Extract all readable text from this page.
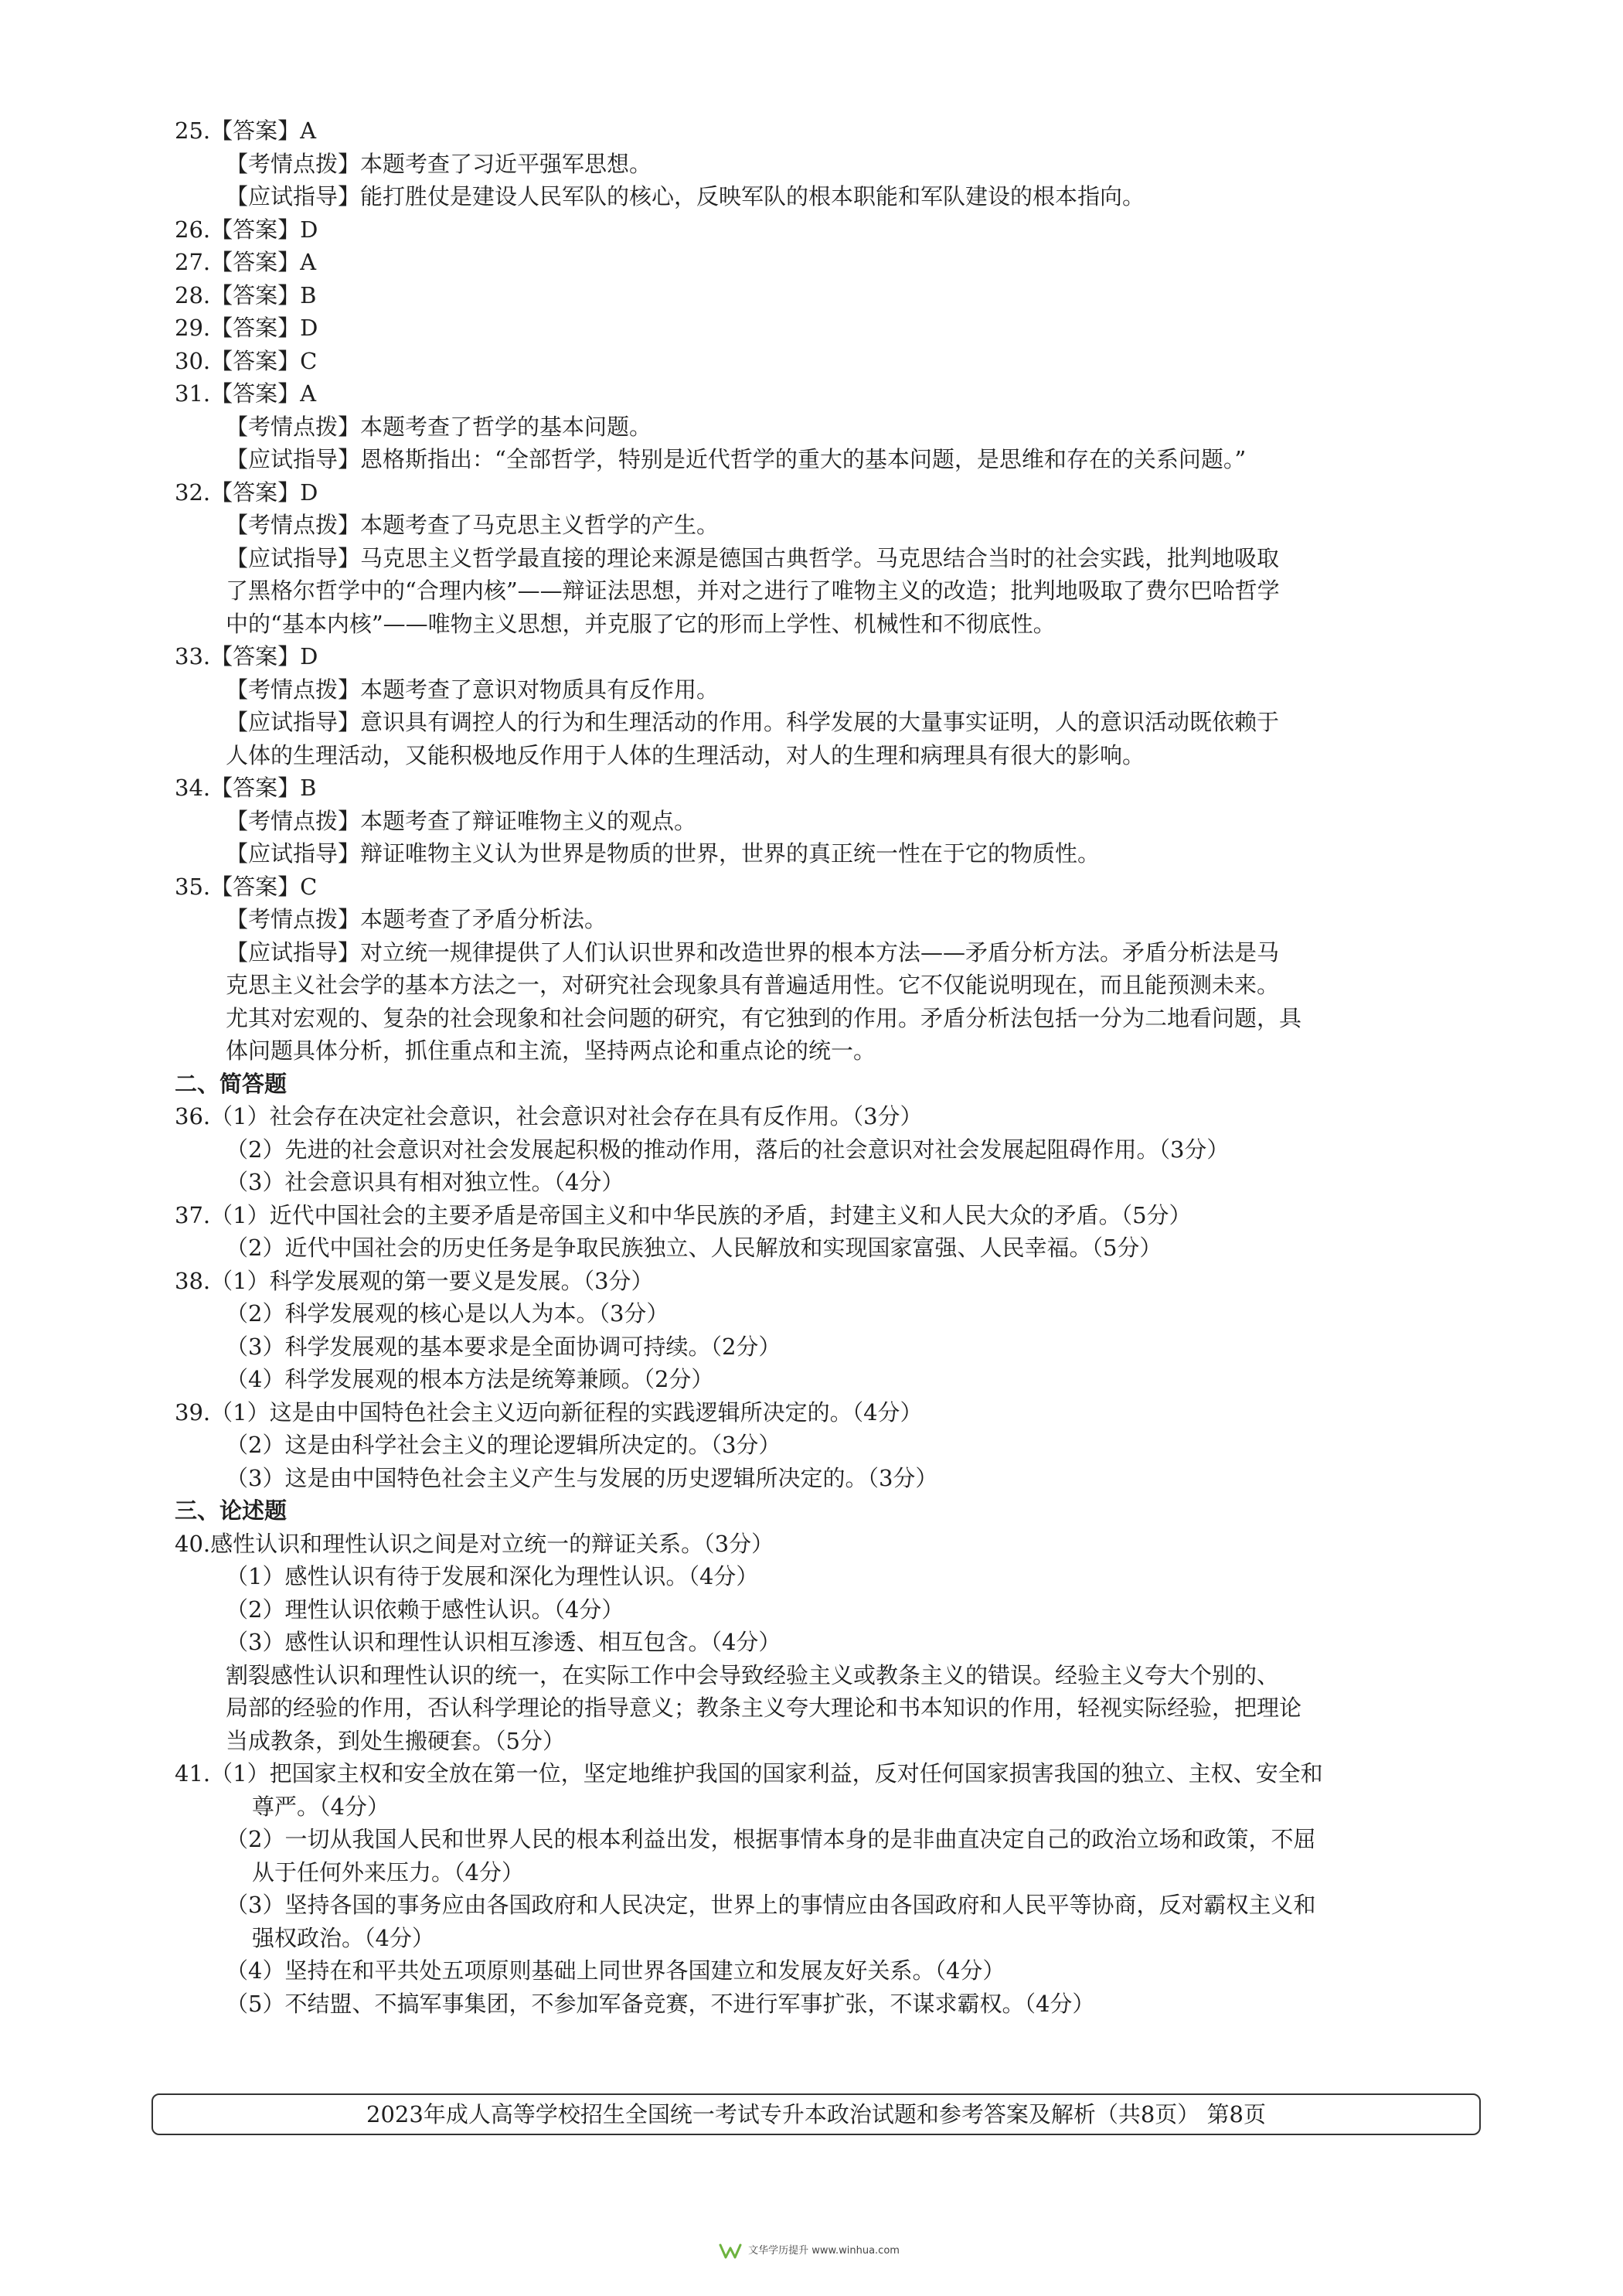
25.【答案】A
【考情点拨】本题考查了习近平强军思想。
【应试指导】能打胜仗是建设人民军队的核心，反映军队的根本职能和军队建设的根本指向。
26.【答案】D
27.【答案】A
28.【答案】B
29.【答案】D
30.【答案】C
31.【答案】A
【考情点拨】本题考查了哲学的基本问题。
【应试指导】恩格斯指出：“全部哲学，特别是近代哲学的重大的基本问题，是思维和存在的关系问题。”
32.【答案】D
【考情点拨】本题考查了马克思主义哲学的产生。
【应试指导】马克思主义哲学最直接的理论来源是德国古典哲学。马克思结合当时的社会实践，批判地吸取
了黑格尔哲学中的“合理内核”——辩证法思想，并对之进行了唯物主义的改造；批判地吸取了费尔巴哈哲学
中的“基本内核”——唯物主义思想，并克服了它的形而上学性、机械性和不彻底性。
33.【答案】D
【考情点拨】本题考查了意识对物质具有反作用。
【应试指导】意识具有调控人的行为和生理活动的作用。科学发展的大量事实证明，人的意识活动既依赖于
人体的生理活动，又能积极地反作用于人体的生理活动，对人的生理和病理具有很大的影响。
34.【答案】B
【考情点拨】本题考查了辩证唯物主义的观点。
【应试指导】辩证唯物主义认为世界是物质的世界，世界的真正统一性在于它的物质性。
35.【答案】C
【考情点拨】本题考查了矛盾分析法。
【应试指导】对立统一规律提供了人们认识世界和改造世界的根本方法——矛盾分析方法。矛盾分析法是马
克思主义社会学的基本方法之一，对研究社会现象具有普遍适用性。它不仅能说明现在，而且能预测未来。
尤其对宏观的、复杂的社会现象和社会问题的研究，有它独到的作用。矛盾分析法包括一分为二地看问题，具
体问题具体分析，抓住重点和主流，坚持两点论和重点论的统一。
二、简答题
36.（1）社会存在决定社会意识，社会意识对社会存在具有反作用。（3分）
（2）先进的社会意识对社会发展起积极的推动作用，落后的社会意识对社会发展起阻碍作用。（3分）
（3）社会意识具有相对独立性。（4分）
37.（1）近代中国社会的主要矛盾是帝国主义和中华民族的矛盾，封建主义和人民大众的矛盾。（5分）
（2）近代中国社会的历史任务是争取民族独立、人民解放和实现国家富强、人民幸福。（5分）
38.（1）科学发展观的第一要义是发展。（3分）
（2）科学发展观的核心是以人为本。（3分）
（3）科学发展观的基本要求是全面协调可持续。（2分）
（4）科学发展观的根本方法是统筹兼顾。（2分）
39.（1）这是由中国特色社会主义迈向新征程的实践逻辑所决定的。（4分）
（2）这是由科学社会主义的理论逻辑所决定的。（3分）
（3）这是由中国特色社会主义产生与发展的历史逻辑所决定的。（3分）
三、论述题
40.感性认识和理性认识之间是对立统一的辩证关系。（3分）
（1）感性认识有待于发展和深化为理性认识。（4分）
（2）理性认识依赖于感性认识。（4分）
（3）感性认识和理性认识相互渗透、相互包含。（4分）
割裂感性认识和理性认识的统一，在实际工作中会导致经验主义或教条主义的错误。经验主义夸大个别的、
局部的经验的作用，否认科学理论的指导意义；教条主义夸大理论和书本知识的作用，轻视实际经验，把理论
当成教条，到处生搬硬套。（5分）
41.（1）把国家主权和安全放在第一位，坚定地维护我国的国家利益，反对任何国家损害我国的独立、主权、安全和
尊严。（4分）
（2）一切从我国人民和世界人民的根本利益出发，根据事情本身的是非曲直决定自己的政治立场和政策，不屈
从于任何外来压力。（4分）
（3）坚持各国的事务应由各国政府和人民决定，世界上的事情应由各国政府和人民平等协商，反对霸权主义和
强权政治。（4分）
（4）坚持在和平共处五项原则基础上同世界各国建立和发展友好关系。（4分）
（5）不结盟、不搞军事集团，不参加军备竞赛，不进行军事扩张，不谋求霸权。（4分）
2023年成人高等学校招生全国统一考试专升本政治试题和参考答案及解析（共8页） 第8页
文华学历提升 www.winhua.com
